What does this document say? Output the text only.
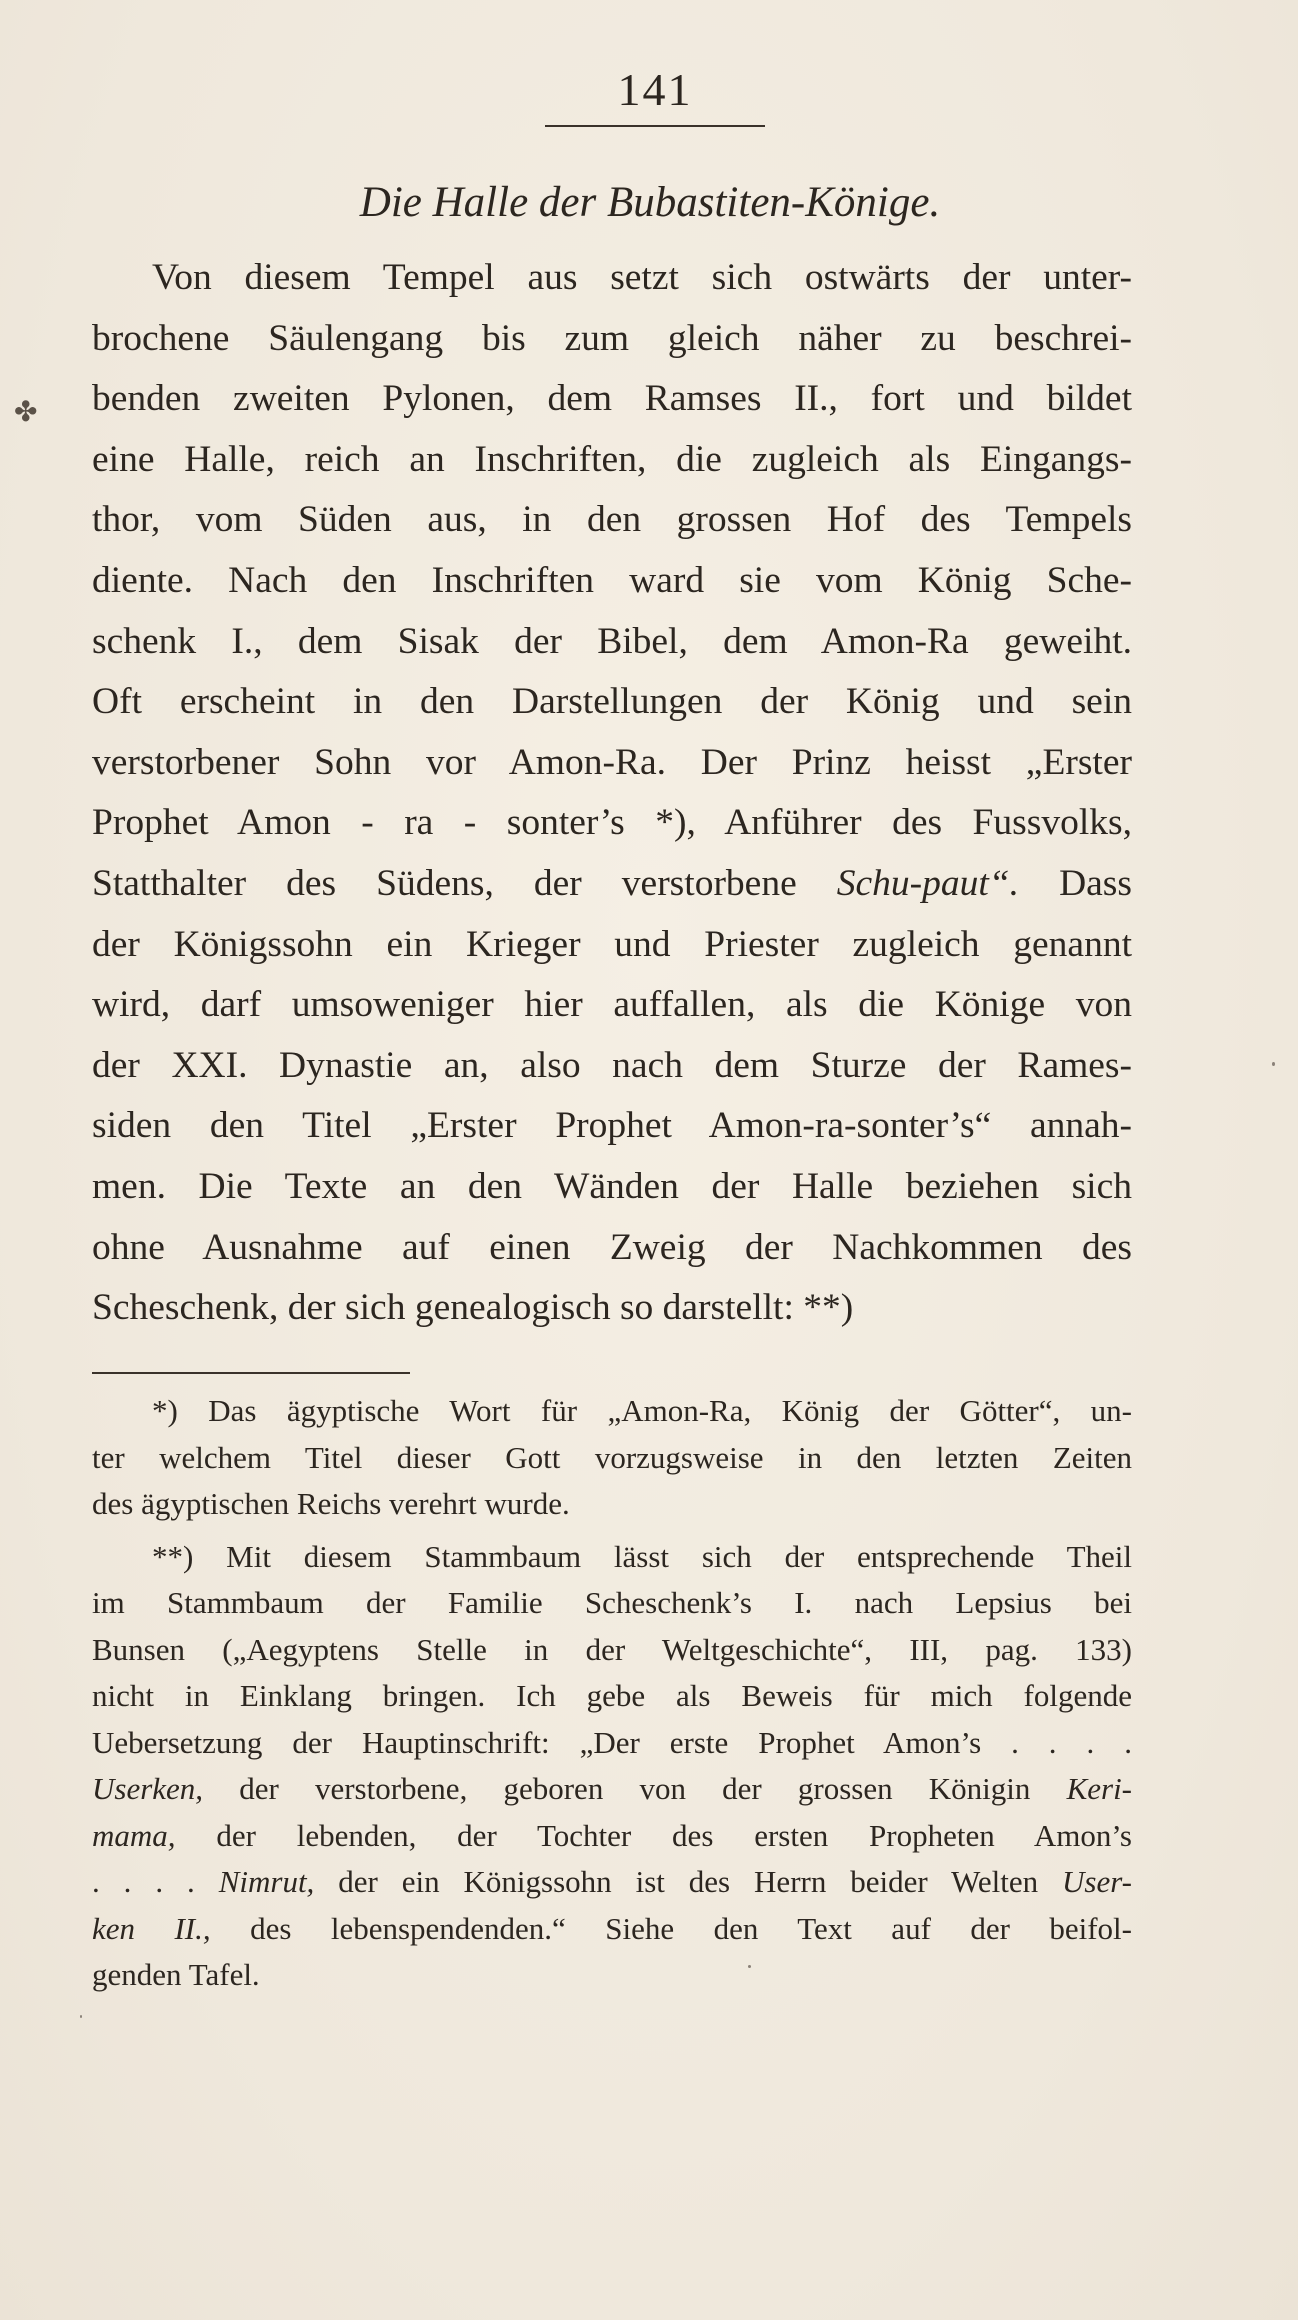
141
Die Halle der Bubastiten-Könige.
✤
Von diesem Tempel aus setzt sich ostwärts der unter-
brochene Säulengang bis zum gleich näher zu beschrei-
benden zweiten Pylonen, dem Ramses II., fort und bildet
eine Halle, reich an Inschriften, die zugleich als Eingangs-
thor, vom Süden aus, in den grossen Hof des Tempels
diente. Nach den Inschriften ward sie vom König Sche-
schenk I., dem Sisak der Bibel, dem Amon-Ra geweiht.
Oft erscheint in den Darstellungen der König und sein
verstorbener Sohn vor Amon-Ra. Der Prinz heisst „Erster
Prophet Amon - ra - sonter’s *), Anführer des Fussvolks,
Statthalter des Südens, der verstorbene Schu-paut“. Dass
der Königssohn ein Krieger und Priester zugleich genannt
wird, darf umsoweniger hier auffallen, als die Könige von
der XXI. Dynastie an, also nach dem Sturze der Rames-
siden den Titel „Erster Prophet Amon-ra-sonter’s“ annah-
men. Die Texte an den Wänden der Halle beziehen sich
ohne Ausnahme auf einen Zweig der Nachkommen des
Scheschenk, der sich genealogisch so darstellt: **)
*) Das ägyptische Wort für „Amon-Ra, König der Götter“, un-
ter welchem Titel dieser Gott vorzugsweise in den letzten Zeiten
des ägyptischen Reichs verehrt wurde.
**) Mit diesem Stammbaum lässt sich der entsprechende Theil
im Stammbaum der Familie Scheschenk’s I. nach Lepsius bei
Bunsen („Aegyptens Stelle in der Weltgeschichte“, III, pag. 133)
nicht in Einklang bringen. Ich gebe als Beweis für mich folgende
Uebersetzung der Hauptinschrift: „Der erste Prophet Amon’s . . . .
Userken, der verstorbene, geboren von der grossen Königin Keri-
mama, der lebenden, der Tochter des ersten Propheten Amon’s
. . . . Nimrut, der ein Königssohn ist des Herrn beider Welten User-
ken II., des lebenspendenden.“ Siehe den Text auf der beifol-
genden Tafel.
